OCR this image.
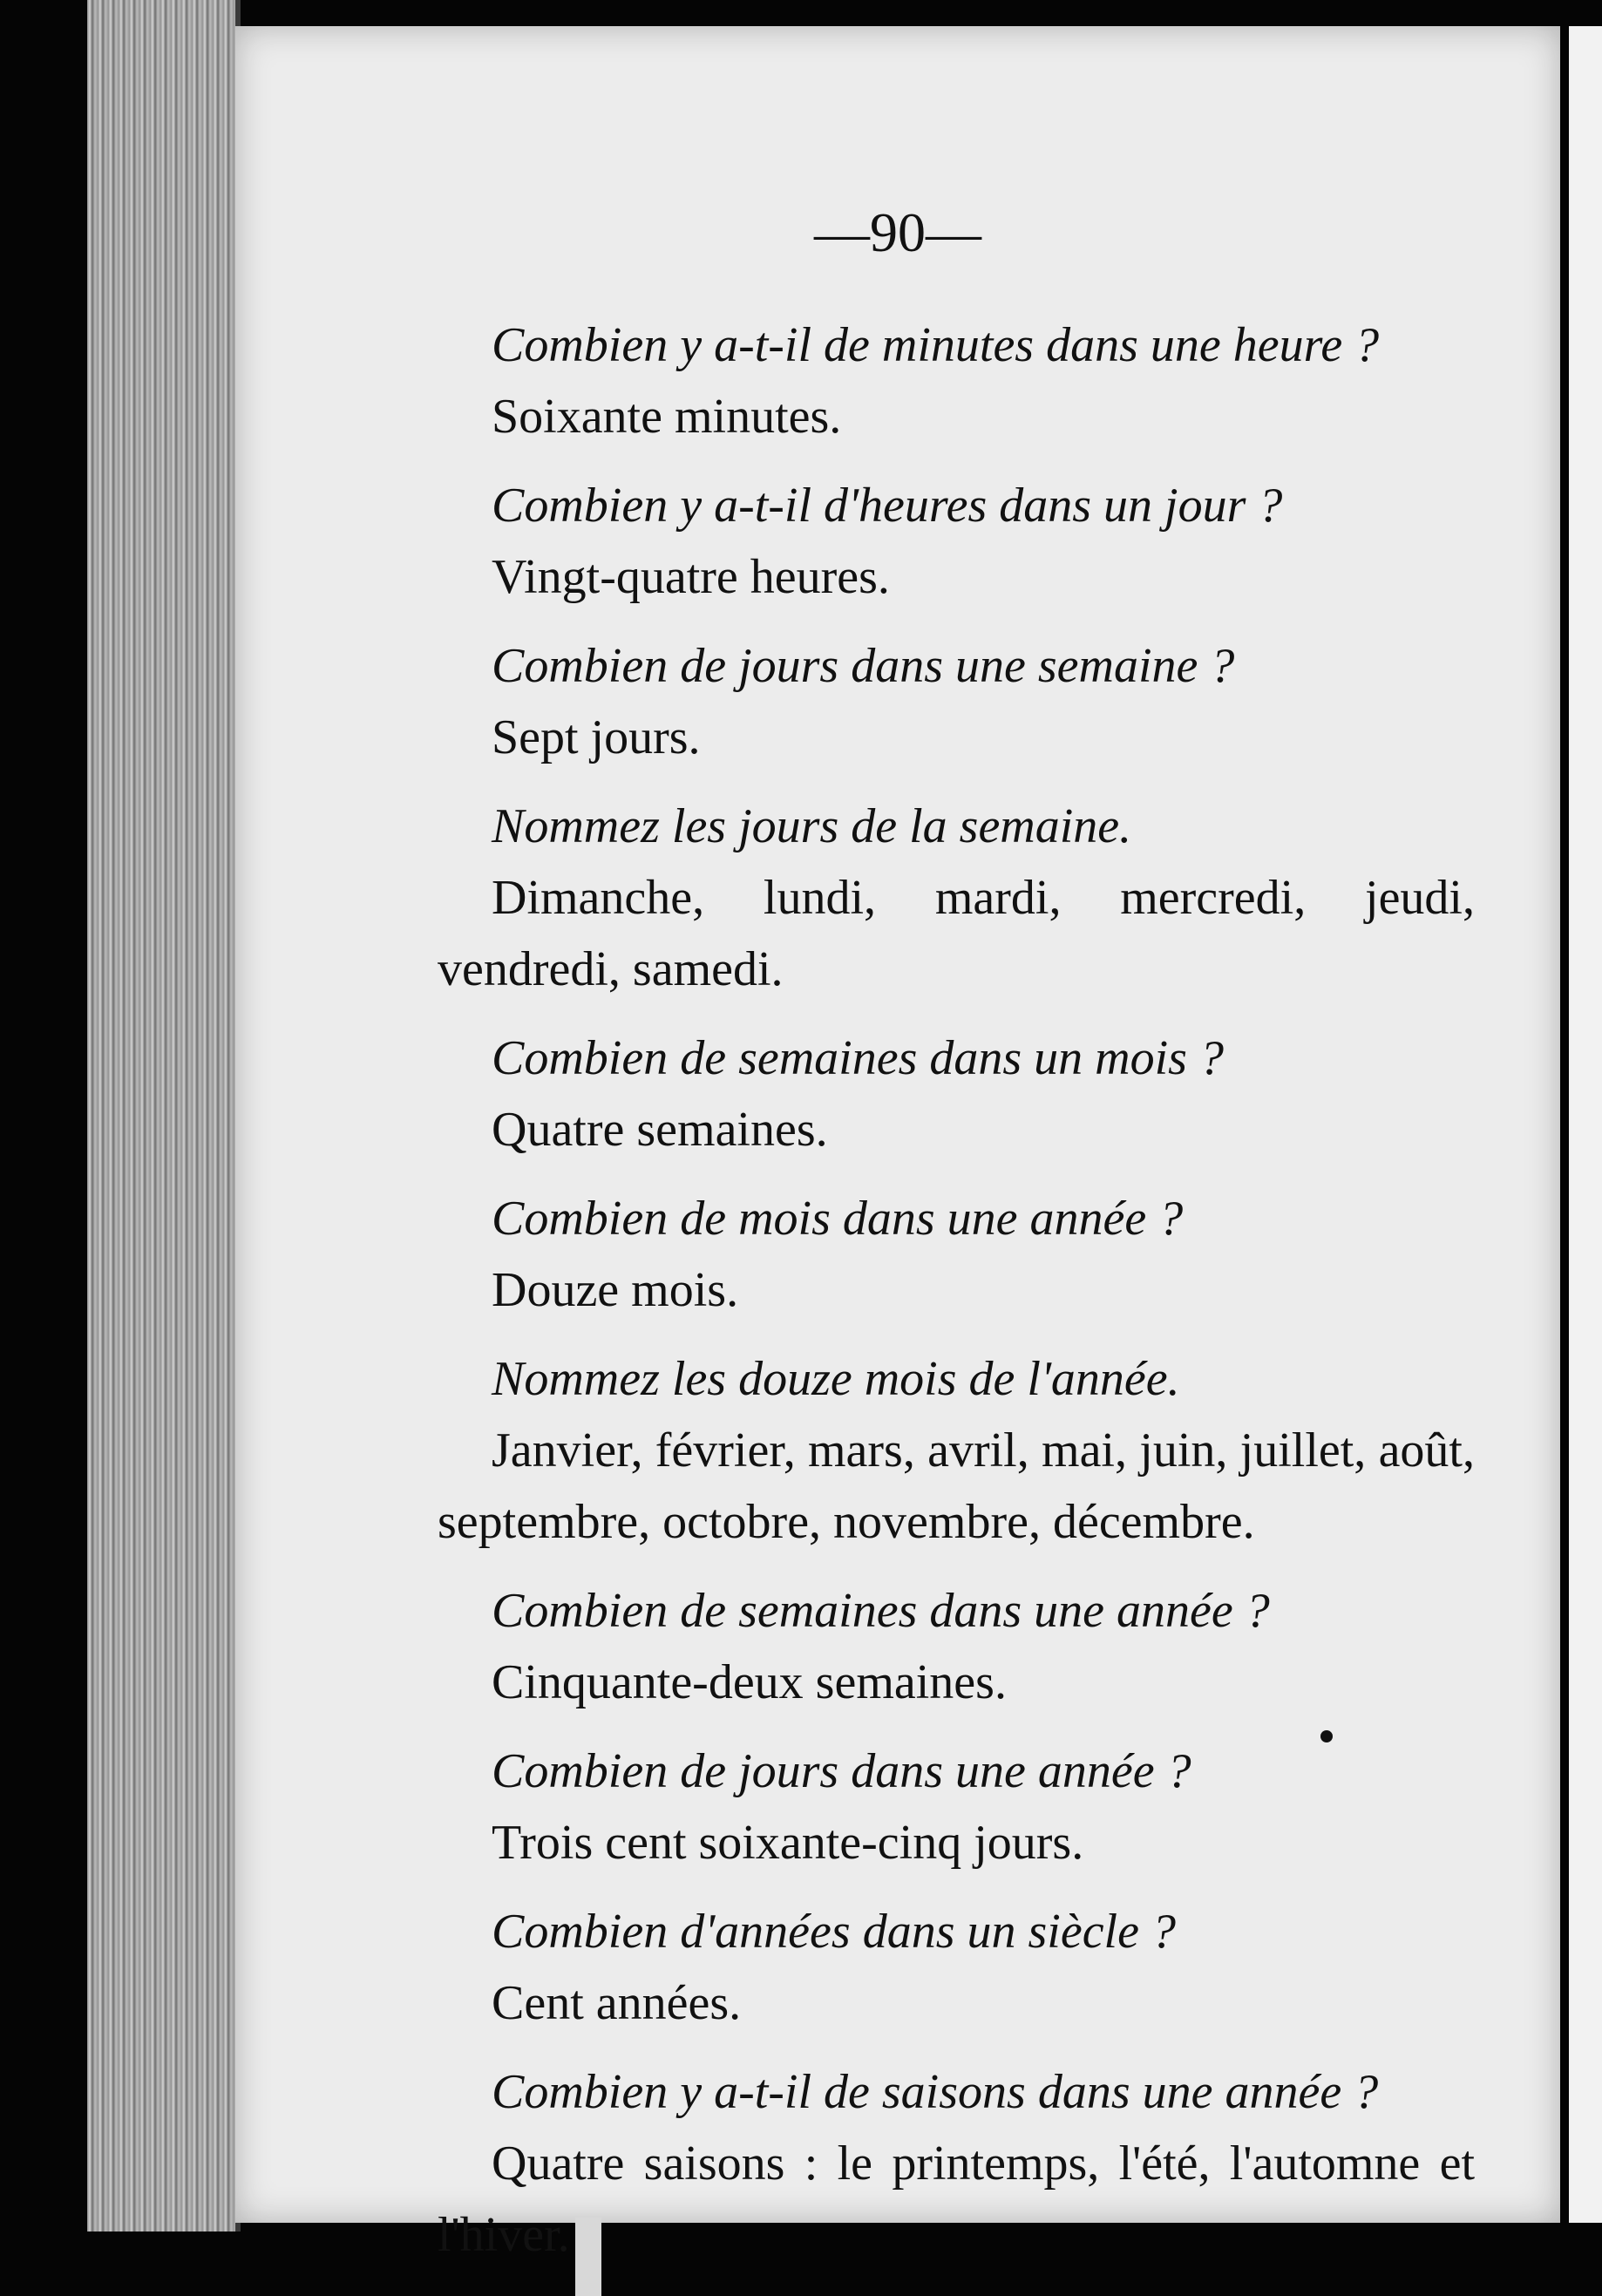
—90—
Combien y a-t-il de minutes dans une heure ?
Soixante minutes.
Combien y a-t-il d'heures dans un jour ?
Vingt-quatre heures.
Combien de jours dans une semaine ?
Sept jours.
Nommez les jours de la semaine.
Dimanche, lundi, mardi, mercredi, jeudi, vendredi, samedi.
Combien de semaines dans un mois ?
Quatre semaines.
Combien de mois dans une année ?
Douze mois.
Nommez les douze mois de l'année.
Janvier, février, mars, avril, mai, juin, juillet, août, septembre, octobre, novembre, décembre.
Combien de semaines dans une année ?
Cinquante-deux semaines.
Combien de jours dans une année ?
Trois cent soixante-cinq jours.
Combien d'années dans un siècle ?
Cent années.
Combien y a-t-il de saisons dans une année ?
Quatre saisons : le printemps, l'été, l'automne et l'hiver.
